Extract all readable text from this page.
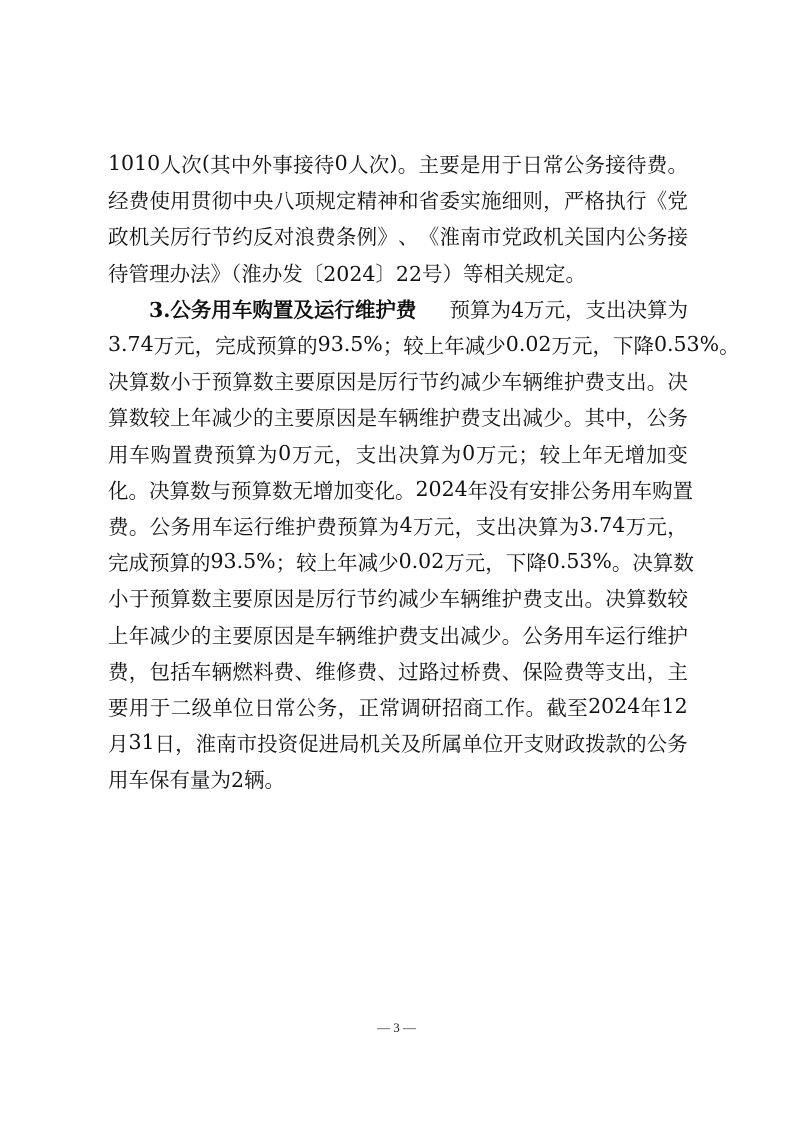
1010 人 次 ( 其 中 外 事 接 待 0 人 次 ) 。 主 要 是 用 于 日 常 公 务 接 待 费 。
经 费 使 用 贯 彻 中 央 八 项 规 定 精 神 和 省 委 实 施 细 则 ， 严 格 执 行 《 党
政 机 关 厉 行 节 约 反 对 浪 费 条 例 》 、 《 淮 南 市 党 政 机 关 国 内 公 务 接
待管理办法》（淮办发〔2024〕22号）等相关规定。
3.公务用车购置及运行维护费 预算为4万元，支出决算为
3.74 万 元 ， 完 成 预 算 的 93.5% ； 较 上 年 减 少 0.02 万 元 ， 下 降 0.53% 。
决 算 数 小 于 预 算 数 主 要 原 因 是 厉 行 节 约 减 少 车 辆 维 护 费 支 出 。 决
算 数 较 上 年 减 少 的 主 要 原 因 是 车 辆 维 护 费 支 出 减 少 。 其 中 ， 公 务
用 车 购 置 费 预 算 为 0 万 元 ， 支 出 决 算 为 0 万 元 ； 较 上 年 无 增 加 变
化 。 决 算 数 与 预 算 数 无 增 加 变 化 。 2024 年 没 有 安 排 公 务 用 车 购 置
费 。 公 务 用 车 运 行 维 护 费 预 算 为 4 万 元 ， 支 出 决 算 为 3.74 万 元 ，
完 成 预 算 的 93.5% ； 较 上 年 减 少 0.02 万 元 ， 下 降 0.53% 。 决 算 数
小 于 预 算 数 主 要 原 因 是 厉 行 节 约 减 少 车 辆 维 护 费 支 出 。 决 算 数 较
上 年 减 少 的 主 要 原 因 是 车 辆 维 护 费 支 出 减 少 。 公 务 用 车 运 行 维 护
费 ， 包 括 车 辆 燃 料 费 、 维 修 费 、 过 路 过 桥 费 、 保 险 费 等 支 出 ， 主
要 用 于 二 级 单 位 日 常 公 务 ， 正 常 调 研 招 商 工 作 。 截 至 2024 年 12
月 31 日 ， 淮 南 市 投 资 促 进 局 机 关 及 所 属 单 位 开 支 财 政 拨 款 的 公 务
用车保有量为2辆。
— 3 —
